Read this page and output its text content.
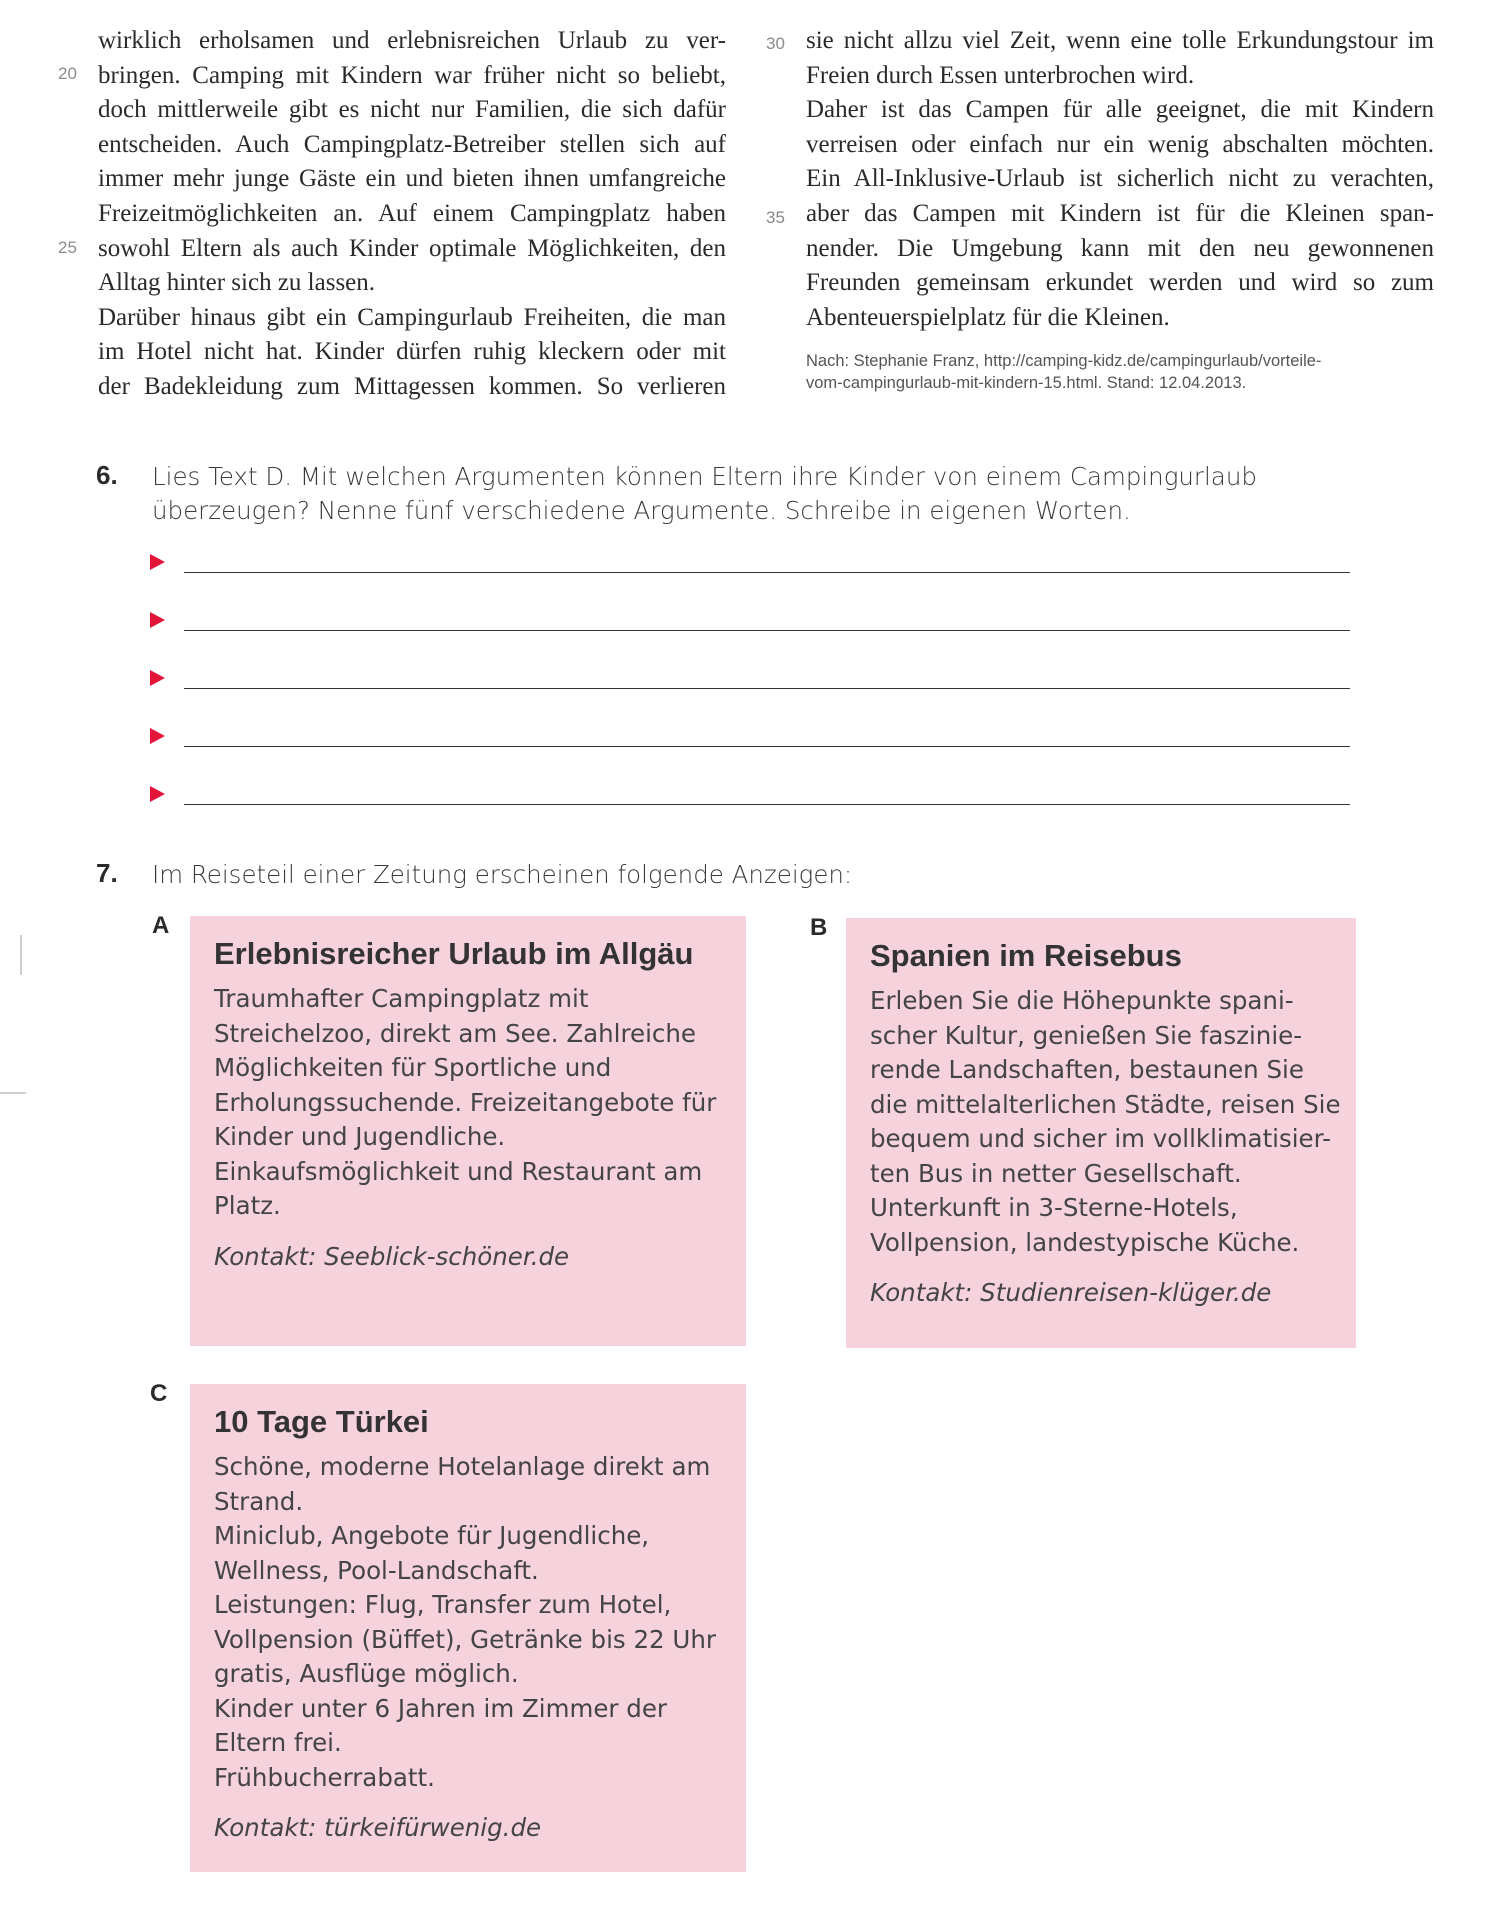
wirklich erholsamen und erlebnisreichen Urlaub zu ver-
bringen. Camping mit Kindern war früher nicht so beliebt,
doch mittlerweile gibt es nicht nur Familien, die sich dafür
entscheiden. Auch Campingplatz-Betreiber stellen sich auf
immer mehr junge Gäste ein und bieten ihnen umfangreiche
Freizeitmöglichkeiten an. Auf einem Campingplatz haben
sowohl Eltern als auch Kinder optimale Möglichkeiten, den
Alltag hinter sich zu lassen.
Darüber hinaus gibt ein Campingurlaub Freiheiten, die man
im Hotel nicht hat. Kinder dürfen ruhig kleckern oder mit
der Badekleidung zum Mittagessen kommen. So verlieren
20
25
sie nicht allzu viel Zeit, wenn eine tolle Erkundungstour im
Freien durch Essen unterbrochen wird.
Daher ist das Campen für alle geeignet, die mit Kindern
verreisen oder einfach nur ein wenig abschalten möchten.
Ein All-Inklusive-Urlaub ist sicherlich nicht zu verachten,
aber das Campen mit Kindern ist für die Kleinen span-
nender. Die Umgebung kann mit den neu gewonnenen
Freunden gemeinsam erkundet werden und wird so zum
Abenteuerspielplatz für die Kleinen.
30
35
Nach: Stephanie Franz, http://camping-kidz.de/campingurlaub/vorteile-
vom-campingurlaub-mit-kindern-15.html. Stand: 12.04.2013.
6. Lies Text D. Mit welchen Argumenten können Eltern ihre Kinder von einem Campingurlaub
überzeugen? Nenne fünf verschiedene Argumente. Schreibe in eigenen Worten.
7. Im Reiseteil einer Zeitung erscheinen folgende Anzeigen:
A
Erlebnisreicher Urlaub im Allgäu
Traumhafter Campingplatz mit
Streichelzoo, direkt am See. Zahlreiche
Möglichkeiten für Sportliche und
Erholungssuchende. Freizeitangebote für
Kinder und Jugendliche.
Einkaufsmöglichkeit und Restaurant am
Platz.
Kontakt: Seeblick-schöner.de
B
Spanien im Reisebus
Erleben Sie die Höhepunkte spani-
scher Kultur, genießen Sie faszinie-
rende Landschaften, bestaunen Sie
die mittelalterlichen Städte, reisen Sie
bequem und sicher im vollklimatisier-
ten Bus in netter Gesellschaft.
Unterkunft in 3-Sterne-Hotels,
Vollpension, landestypische Küche.
Kontakt: Studienreisen-klüger.de
C
10 Tage Türkei
Schöne, moderne Hotelanlage direkt am
Strand.
Miniclub, Angebote für Jugendliche,
Wellness, Pool-Landschaft.
Leistungen: Flug, Transfer zum Hotel,
Vollpension (Büffet), Getränke bis 22 Uhr
gratis, Ausflüge möglich.
Kinder unter 6 Jahren im Zimmer der
Eltern frei.
Frühbucherrabatt.
Kontakt: türkeifürwenig.de
